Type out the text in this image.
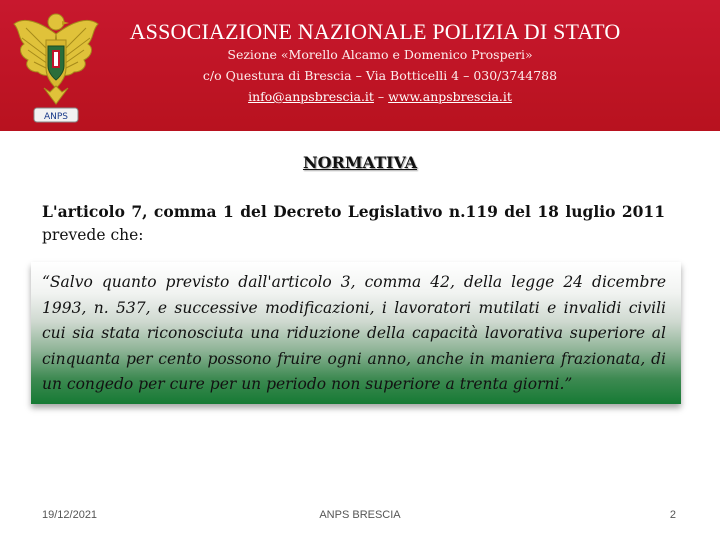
ANPS
ASSOCIAZIONE NAZIONALE POLIZIA DI STATO
Sezione «Morello Alcamo e Domenico Prosperi»
c/o Questura di Brescia – Via Botticelli 4 – 030/3744788
info@anpsbrescia.it – www.anpsbrescia.it
NORMATIVA
L'articolo 7, comma 1 del Decreto Legislativo n.119 del 18 luglio 2011 prevede che:
“Salvo quanto previsto dall'articolo 3, comma 42, della legge 24 dicembre 1993, n. 537, e successive modificazioni, i lavoratori mutilati e invalidi civili cui sia stata riconosciuta una riduzione della capacità lavorativa superiore al cinquanta per cento possono fruire ogni anno, anche in maniera frazionata, di un congedo per cure per un periodo non superiore a trenta giorni.”
19/12/2021	ANPS BRESCIA	2
